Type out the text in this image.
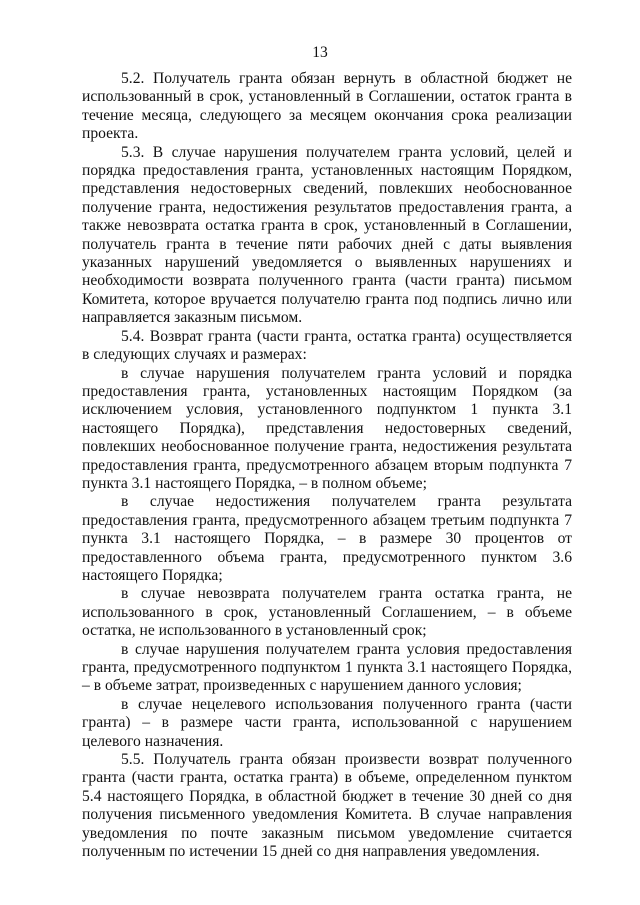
13

5.2. Получатель гранта обязан вернуть в областной бюджет не использованный в срок, установленный в Соглашении, остаток гранта в течение месяца, следующего за месяцем окончания срока реализации проекта.

5.3. В случае нарушения получателем гранта условий, целей и порядка предоставления гранта, установленных настоящим Порядком, представления недостоверных сведений, повлекших необоснованное получение гранта, недостижения результатов предоставления гранта, а также невозврата остатка гранта в срок, установленный в Соглашении, получатель гранта в течение пяти рабочих дней с даты выявления указанных нарушений уведомляется о выявленных нарушениях и необходимости возврата полученного гранта (части гранта) письмом Комитета, которое вручается получателю гранта под подпись лично или направляется заказным письмом.

5.4. Возврат гранта (части гранта, остатка гранта) осуществляется в следующих случаях и размерах:

в случае нарушения получателем гранта условий и порядка предоставления гранта, установленных настоящим Порядком (за исключением условия, установленного подпунктом 1 пункта 3.1 настоящего Порядка), представления недостоверных сведений, повлекших необоснованное получение гранта, недостижения результата предоставления гранта, предусмотренного абзацем вторым подпункта 7 пункта 3.1 настоящего Порядка, – в полном объеме;

в случае недостижения получателем гранта результата предоставления гранта, предусмотренного абзацем третьим подпункта 7 пункта 3.1 настоящего Порядка, – в размере 30 процентов от предоставленного объема гранта, предусмотренного пунктом 3.6 настоящего Порядка;

в случае невозврата получателем гранта остатка гранта, не использованного в срок, установленный Соглашением, – в объеме остатка, не использованного в установленный срок;

в случае нарушения получателем гранта условия предоставления гранта, предусмотренного подпунктом 1 пункта 3.1 настоящего Порядка, – в объеме затрат, произведенных с нарушением данного условия;

в случае нецелевого использования полученного гранта (части гранта) – в размере части гранта, использованной с нарушением целевого назначения.

5.5. Получатель гранта обязан произвести возврат полученного гранта (части гранта, остатка гранта) в объеме, определенном пунктом 5.4 настоящего Порядка, в областной бюджет в течение 30 дней со дня получения письменного уведомления Комитета. В случае направления уведомления по почте заказным письмом уведомление считается полученным по истечении 15 дней со дня направления уведомления.
